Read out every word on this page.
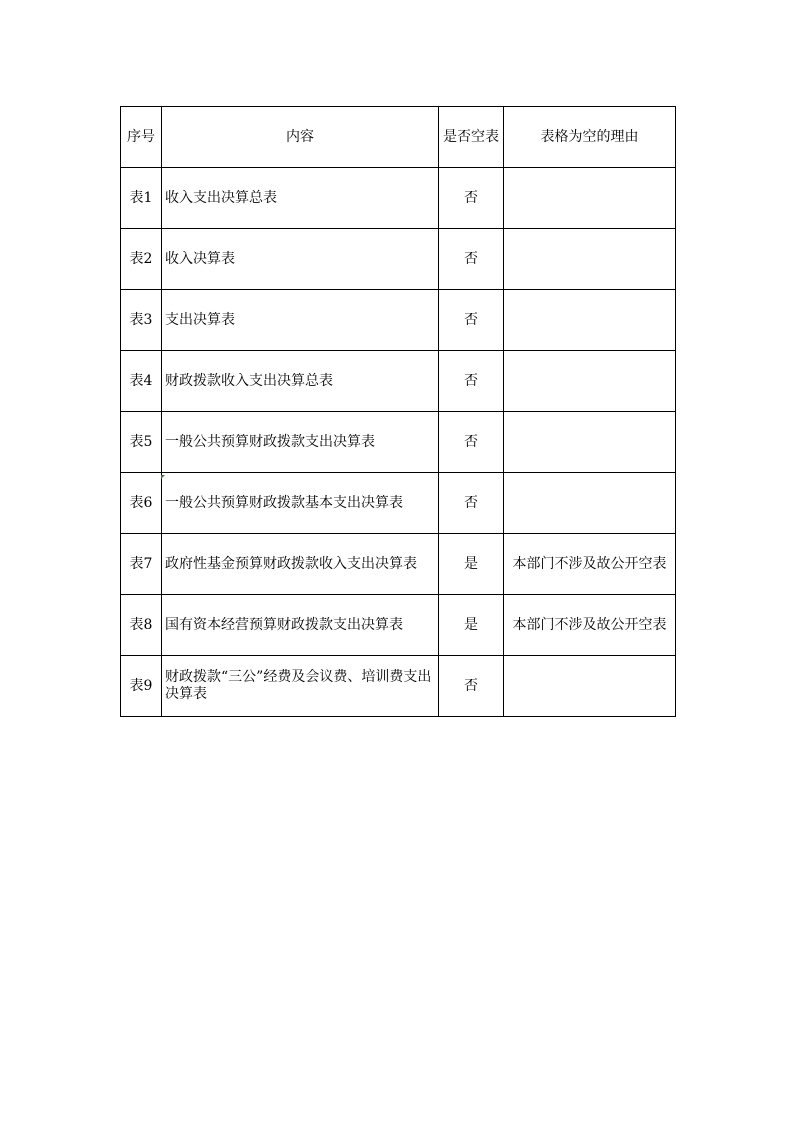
序号	内容	是否空表	表格为空的理由
表1	收入支出决算总表	否	
表2	收入决算表	否	
表3	支出决算表	否	
表4	财政拨款收入支出决算总表	否	
表5	一般公共预算财政拨款支出决算表	否	
表6	一般公共预算财政拨款基本支出决算表	否	
表7	政府性基金预算财政拨款收入支出决算表	是	本部门不涉及故公开空表
表8	国有资本经营预算财政拨款支出决算表	是	本部门不涉及故公开空表
表9	财政拨款“三公”经费及会议费、培训费支出决算表	否	
